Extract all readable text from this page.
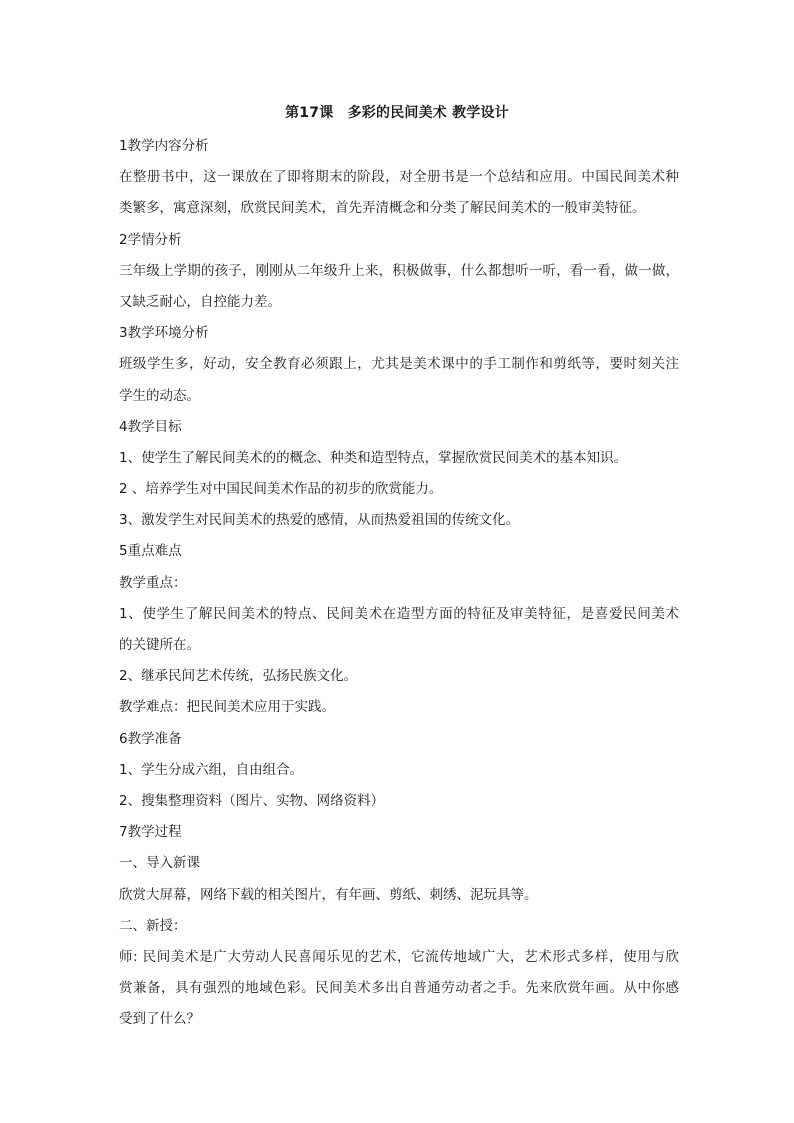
第17课　多彩的民间美术 教学设计
1教学内容分析
在整册书中，这一课放在了即将期末的阶段，对全册书是一个总结和应用。中国民间美术种
类繁多，寓意深刻，欣赏民间美术，首先弄清概念和分类了解民间美术的一般审美特征。
2学情分析
三年级上学期的孩子，刚刚从二年级升上来，积极做事，什么都想听一听，看一看，做一做，
又缺乏耐心，自控能力差。
3教学环境分析
班级学生多，好动，安全教育必须跟上，尤其是美术课中的手工制作和剪纸等，要时刻关注
学生的动态。
4教学目标
1、使学生了解民间美术的的概念、种类和造型特点，掌握欣赏民间美术的基本知识。
2 、培养学生对中国民间美术作品的初步的欣赏能力。
3、激发学生对民间美术的热爱的感情，从而热爱祖国的传统文化。
5重点难点
教学重点：
1、使学生了解民间美术的特点、民间美术在造型方面的特征及审美特征，是喜爱民间美术
的关键所在。
2、继承民间艺术传统，弘扬民族文化。
教学难点：把民间美术应用于实践。
6教学准备
1、学生分成六组，自由组合。
2、搜集整理资料（图片、实物、网络资料）
7教学过程
一、导入新课
欣赏大屏幕，网络下载的相关图片，有年画、剪纸、刺绣、泥玩具等。
二、新授：
师: 民间美术是广大劳动人民喜闻乐见的艺术，它流传地域广大，艺术形式多样，使用与欣
赏兼备，具有强烈的地域色彩。民间美术多出自普通劳动者之手。先来欣赏年画。从中你感
受到了什么？
